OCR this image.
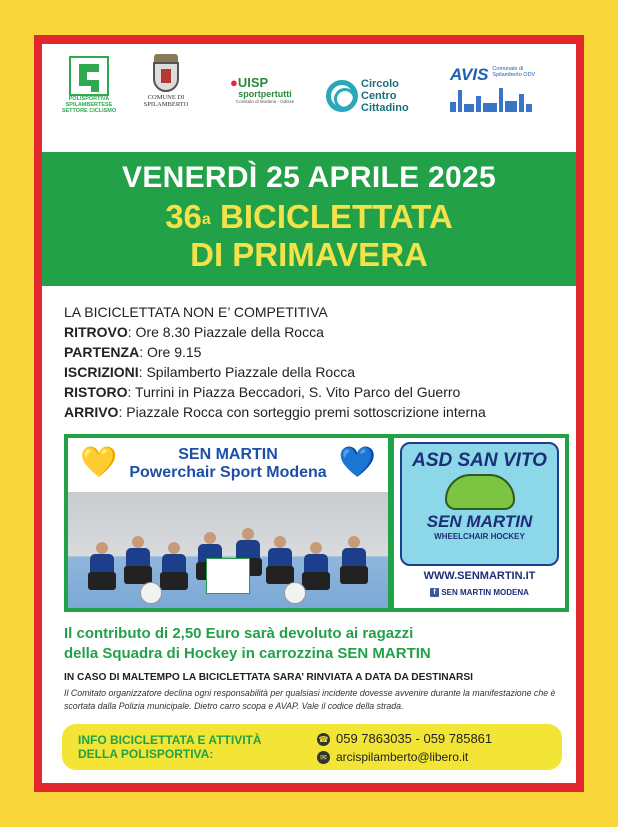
POLISPORTIVA
SPILAMBERTESE
SETTORE CICLISMO
COMUNE DI
SPILAMBERTO
●UISP
sportpertutti
Comitato di Modena - Odisse
Circolo
Centro
Cittadino
AVIS Comunale di
Spilamberto ODV
VENERDÌ 25 APRILE 2025
36$^a$ BICICLETTATA
DI PRIMAVERA
LA BICICLETTATA NON E’ COMPETITIVA
RITROVO: Ore 8.30 Piazzale della Rocca
PARTENZA: Ore 9.15
ISCRIZIONI: Spilamberto Piazzale della Rocca
RISTORO: Turrini in Piazza Beccadori, S. Vito Parco del Guerro
ARRIVO: Piazzale Rocca con sorteggio premi sottoscrizione interna
💛	SEN MARTIN
Powerchair Sport Modena 💙	ASD SAN VITO
SEN MARTIN
WHEELCHAIR HOCKEY
WWW.SENMARTIN.IT
f SEN MARTIN MODENA
Il contributo di 2,50 Euro sarà devoluto ai ragazzi
della Squadra di Hockey in carrozzina SEN MARTIN
IN CASO DI MALTEMPO LA BICICLETTATA SARA’ RINVIATA A DATA DA DESTINARSI
Il Comitato organizzatore declina ogni responsabilità per qualsiasi incidente dovesse avvenire durante la manifestazione che è scortata dalla Polizia municipale. Dietro carro scopa e AVAP. Vale il codice della strada.
INFO BICICLETTATA E ATTIVITÀ
DELLA POLISPORTIVA:
☎ 059 7863035 - 059 785861
✉ arcispilamberto@libero.it
